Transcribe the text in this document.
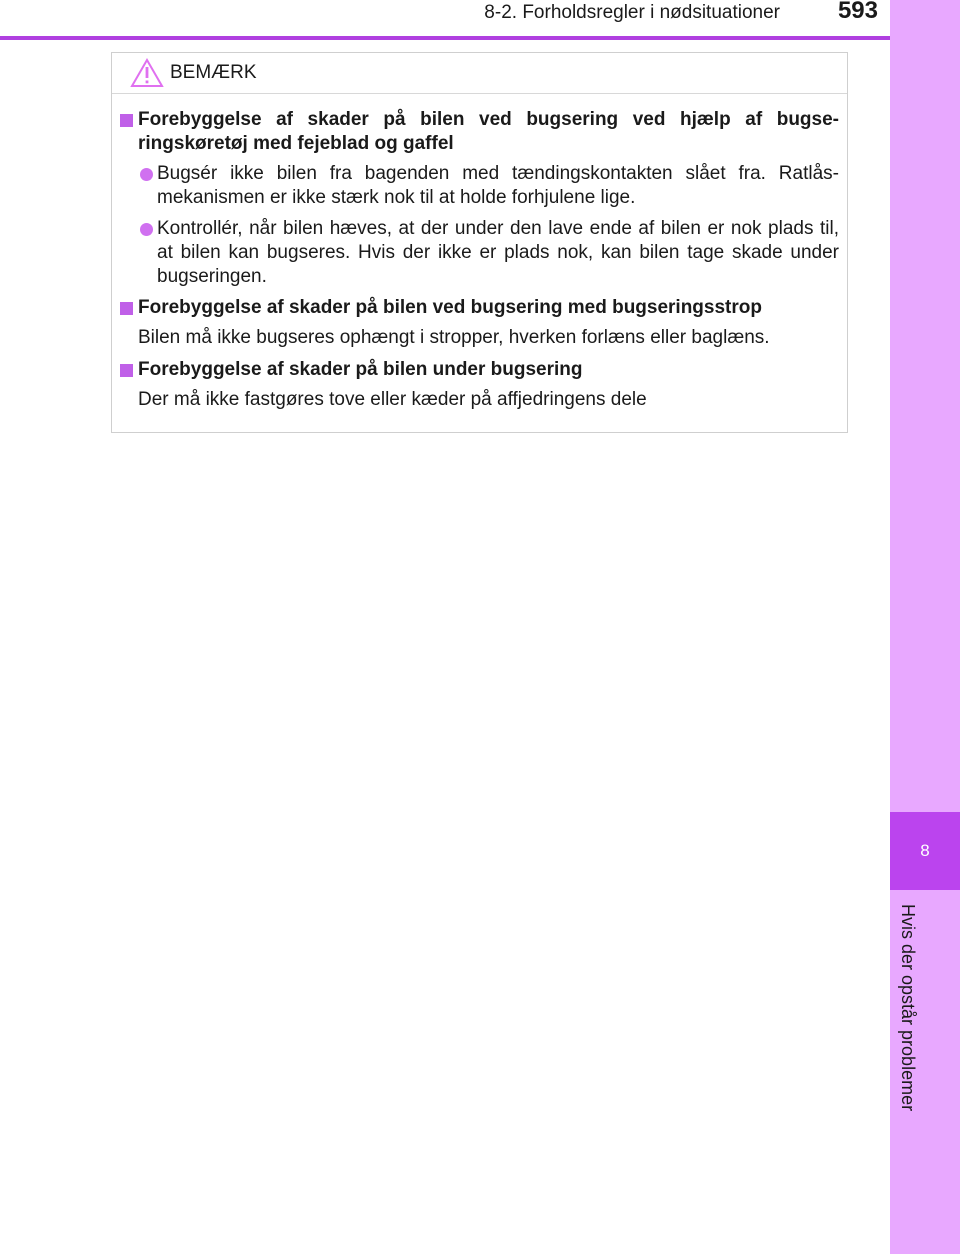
8-2. Forholdsregler i nødsituationer 593
8
Hvis der opstår problemer
BEMÆRK
Forebyggelse af skader på bilen ved bugsering ved hjælp af bugse-ringskøretøj med fejeblad og gaffel
Bugsér ikke bilen fra bagenden med tændingskontakten slået fra. Ratlås-mekanismen er ikke stærk nok til at holde forhjulene lige.
Kontrollér, når bilen hæves, at der under den lave ende af bilen er nok plads til, at bilen kan bugseres. Hvis der ikke er plads nok, kan bilen tage skade under bugseringen.
Forebyggelse af skader på bilen ved bugsering med bugseringsstrop
Bilen må ikke bugseres ophængt i stropper, hverken forlæns eller baglæns.
Forebyggelse af skader på bilen under bugsering
Der må ikke fastgøres tove eller kæder på affjedringens dele
